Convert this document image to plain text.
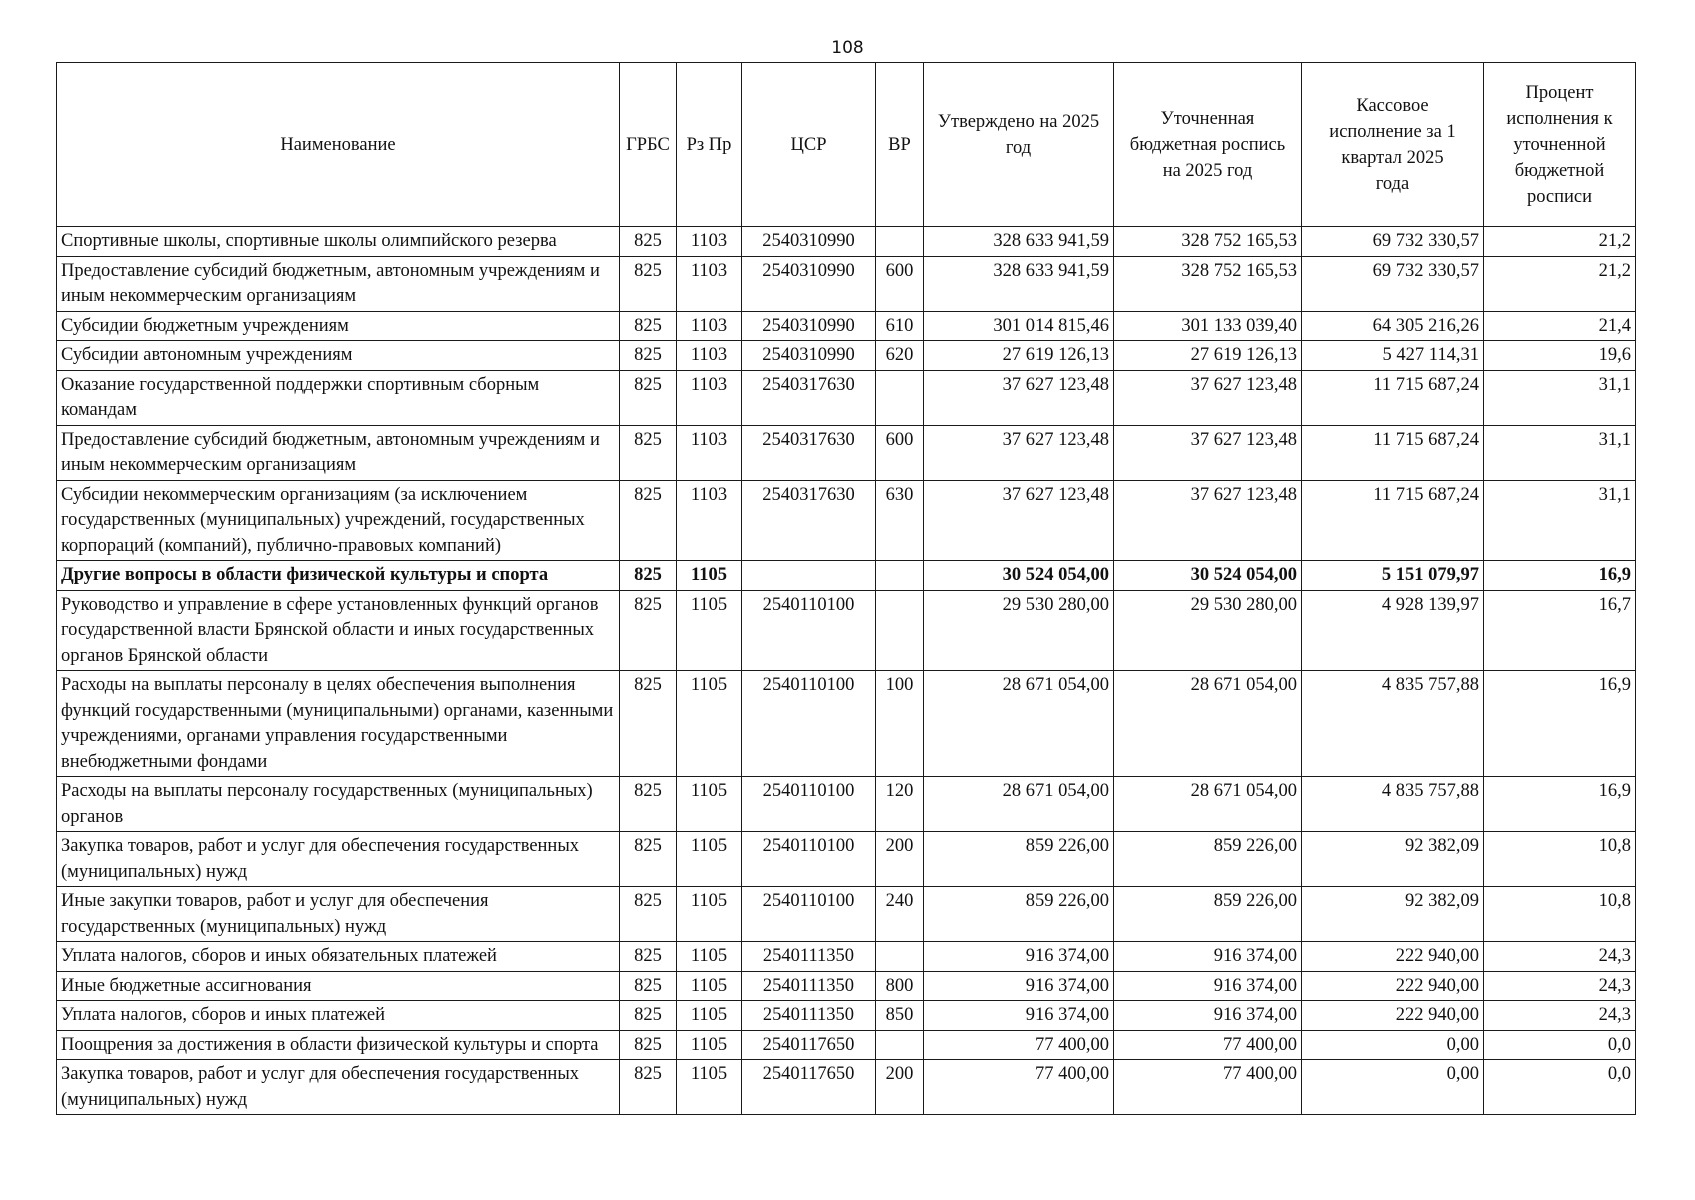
108
Наименование	ГРБС	Рз Пр	ЦСР	ВР	Утверждено на 2025 год	Уточненная бюджетная роспись на 2025 год	Кассовое исполнение за 1 квартал 2025 года	Процент исполнения к уточненной бюджетной росписи
Спортивные школы, спортивные школы олимпийского резерва	825	1103	2540310990		328 633 941,59	328 752 165,53	69 732 330,57	21,2
Предоставление субсидий бюджетным, автономным учреждениям и иным некоммерческим организациям	825	1103	2540310990	600	328 633 941,59	328 752 165,53	69 732 330,57	21,2
Субсидии бюджетным учреждениям	825	1103	2540310990	610	301 014 815,46	301 133 039,40	64 305 216,26	21,4
Субсидии автономным учреждениям	825	1103	2540310990	620	27 619 126,13	27 619 126,13	5 427 114,31	19,6
Оказание государственной поддержки спортивным сборным командам	825	1103	2540317630		37 627 123,48	37 627 123,48	11 715 687,24	31,1
Предоставление субсидий бюджетным, автономным учреждениям и иным некоммерческим организациям	825	1103	2540317630	600	37 627 123,48	37 627 123,48	11 715 687,24	31,1
Субсидии некоммерческим организациям (за исключением государственных (муниципальных) учреждений, государственных корпораций (компаний), публично-правовых компаний)	825	1103	2540317630	630	37 627 123,48	37 627 123,48	11 715 687,24	31,1
Другие вопросы в области физической культуры и спорта	825	1105			30 524 054,00	30 524 054,00	5 151 079,97	16,9
Руководство и управление в сфере установленных функций органов государственной власти Брянской области и иных государственных органов Брянской области	825	1105	2540110100		29 530 280,00	29 530 280,00	4 928 139,97	16,7
Расходы на выплаты персоналу в целях обеспечения выполнения функций государственными (муниципальными) органами, казенными учреждениями, органами управления государственными внебюджетными фондами	825	1105	2540110100	100	28 671 054,00	28 671 054,00	4 835 757,88	16,9
Расходы на выплаты персоналу государственных (муниципальных) органов	825	1105	2540110100	120	28 671 054,00	28 671 054,00	4 835 757,88	16,9
Закупка товаров, работ и услуг для обеспечения государственных (муниципальных) нужд	825	1105	2540110100	200	859 226,00	859 226,00	92 382,09	10,8
Иные закупки товаров, работ и услуг для обеспечения государственных (муниципальных) нужд	825	1105	2540110100	240	859 226,00	859 226,00	92 382,09	10,8
Уплата налогов, сборов и иных обязательных платежей	825	1105	2540111350		916 374,00	916 374,00	222 940,00	24,3
Иные бюджетные ассигнования	825	1105	2540111350	800	916 374,00	916 374,00	222 940,00	24,3
Уплата налогов, сборов и иных платежей	825	1105	2540111350	850	916 374,00	916 374,00	222 940,00	24,3
Поощрения за достижения в области физической культуры и спорта	825	1105	2540117650		77 400,00	77 400,00	0,00	0,0
Закупка товаров, работ и услуг для обеспечения государственных (муниципальных) нужд	825	1105	2540117650	200	77 400,00	77 400,00	0,00	0,0
